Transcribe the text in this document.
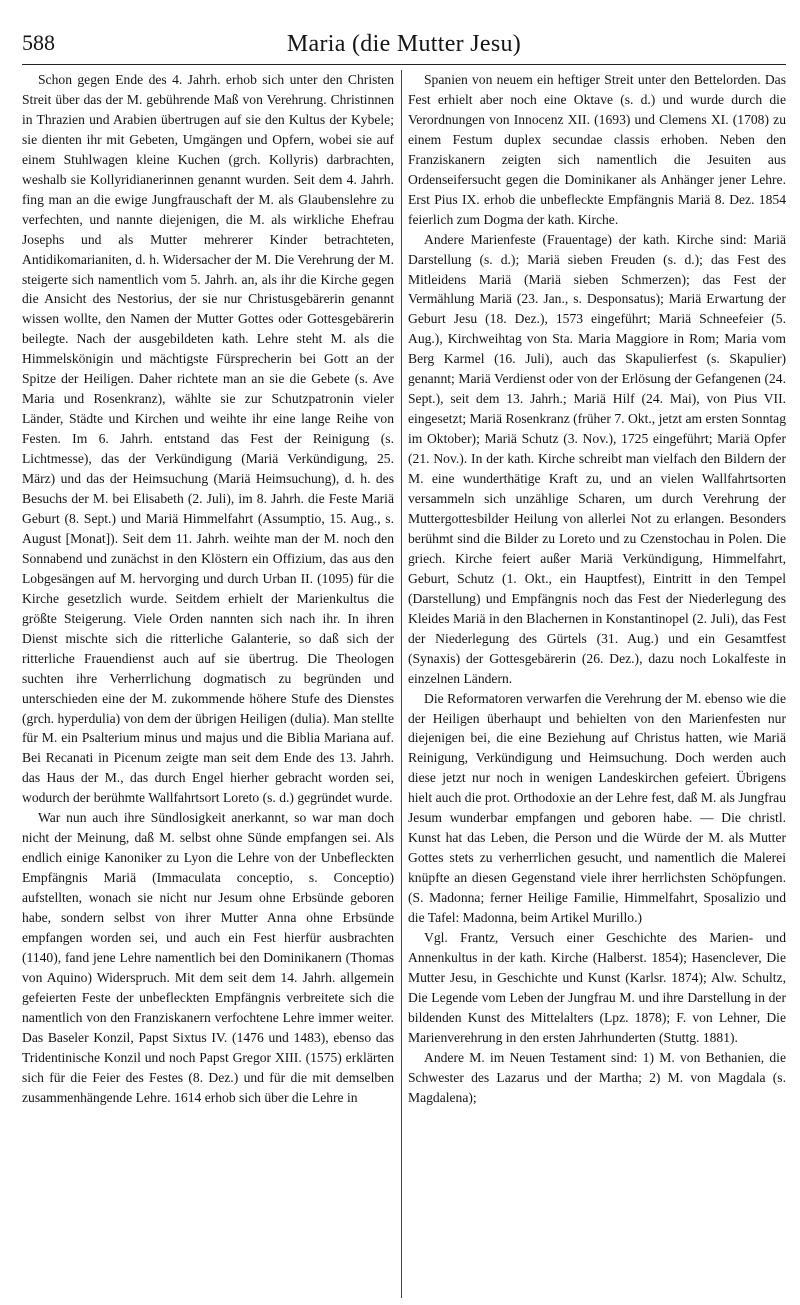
588	Maria (die Mutter Jesu)

Schon gegen Ende des 4. Jahrh. erhob sich unter den Christen Streit über das der M. gebührende Maß von Verehrung. Christinnen in Thrazien und Arabien übertrugen auf sie den Kultus der Kybele; sie dienten ihr mit Gebeten, Umgängen und Opfern, wobei sie auf einem Stuhlwagen kleine Kuchen (grch. Kollyris) darbrachten, weshalb sie Kollyridianerinnen genannt wurden. Seit dem 4. Jahrh. fing man an die ewige Jungfrauschaft der M. als Glaubenslehre zu verfechten, und nannte diejenigen, die M. als wirkliche Ehefrau Josephs und als Mutter mehrerer Kinder betrachteten, Antidikomarianiten, d. h. Widersacher der M. Die Verehrung der M. steigerte sich namentlich vom 5. Jahrh. an, als ihr die Kirche gegen die Ansicht des Nestorius, der sie nur Christusgebärerin genannt wissen wollte, den Namen der Mutter Gottes oder Gottesgebärerin beilegte. Nach der ausgebildeten kath. Lehre steht M. als die Himmelskönigin und mächtigste Fürsprecherin bei Gott an der Spitze der Heiligen. Daher richtete man an sie die Gebete (s. Ave Maria und Rosenkranz), wählte sie zur Schutzpatronin vieler Länder, Städte und Kirchen und weihte ihr eine lange Reihe von Festen. Im 6. Jahrh. entstand das Fest der Reinigung (s. Lichtmesse), das der Verkündigung (Mariä Verkündigung, 25. März) und das der Heimsuchung (Mariä Heimsuchung), d. h. des Besuchs der M. bei Elisabeth (2. Juli), im 8. Jahrh. die Feste Mariä Geburt (8. Sept.) und Mariä Himmelfahrt (Assumptio, 15. Aug., s. August [Monat]). Seit dem 11. Jahrh. weihte man der M. noch den Sonnabend und zunächst in den Klöstern ein Offizium, das aus den Lobgesängen auf M. hervorging und durch Urban II. (1095) für die Kirche gesetzlich wurde. Seitdem erhielt der Marienkultus die größte Steigerung. Viele Orden nannten sich nach ihr. In ihren Dienst mischte sich die ritterliche Galanterie, so daß sich der ritterliche Frauendienst auch auf sie übertrug. Die Theologen suchten ihre Verherrlichung dogmatisch zu begründen und unterschieden eine der M. zukommende höhere Stufe des Dienstes (grch. hyperdulia) von dem der übrigen Heiligen (dulia). Man stellte für M. ein Psalterium minus und majus und die Biblia Mariana auf. Bei Recanati in Picenum zeigte man seit dem Ende des 13. Jahrh. das Haus der M., das durch Engel hierher gebracht worden sei, wodurch der berühmte Wallfahrtsort Loreto (s. d.) gegründet wurde.

War nun auch ihre Sündlosigkeit anerkannt, so war man doch nicht der Meinung, daß M. selbst ohne Sünde empfangen sei. Als endlich einige Kanoniker zu Lyon die Lehre von der Unbefleckten Empfängnis Mariä (Immaculata conceptio, s. Conceptio) aufstellten, wonach sie nicht nur Jesum ohne Erbsünde geboren habe, sondern selbst von ihrer Mutter Anna ohne Erbsünde empfangen worden sei, und auch ein Fest hierfür ausbrachten (1140), fand jene Lehre namentlich bei den Dominikanern (Thomas von Aquino) Widerspruch. Mit dem seit dem 14. Jahrh. allgemein gefeierten Feste der unbefleckten Empfängnis verbreitete sich die namentlich von den Franziskanern verfochtene Lehre immer weiter. Das Baseler Konzil, Papst Sixtus IV. (1476 und 1483), ebenso das Tridentinische Konzil und noch Papst Gregor XIII. (1575) erklärten sich für die Feier des Festes (8. Dez.) und für die mit demselben zusammenhängende Lehre. 1614 erhob sich über die Lehre in

Spanien von neuem ein heftiger Streit unter den Bettelorden. Das Fest erhielt aber noch eine Oktave (s. d.) und wurde durch die Verordnungen von Innocenz XII. (1693) und Clemens XI. (1708) zu einem Festum duplex secundae classis erhoben. Neben den Franziskanern zeigten sich namentlich die Jesuiten aus Ordenseifersucht gegen die Dominikaner als Anhänger jener Lehre. Erst Pius IX. erhob die unbefleckte Empfängnis Mariä 8. Dez. 1854 feierlich zum Dogma der kath. Kirche.

Andere Marienfeste (Frauentage) der kath. Kirche sind: Mariä Darstellung (s. d.); Mariä sieben Freuden (s. d.); das Fest des Mitleidens Mariä (Mariä sieben Schmerzen); das Fest der Vermählung Mariä (23. Jan., s. Desponsatus); Mariä Erwartung der Geburt Jesu (18. Dez.), 1573 eingeführt; Mariä Schneefeier (5. Aug.), Kirchweihtag von Sta. Maria Maggiore in Rom; Maria vom Berg Karmel (16. Juli), auch das Skapulierfest (s. Skapulier) genannt; Mariä Verdienst oder von der Erlösung der Gefangenen (24. Sept.), seit dem 13. Jahrh.; Mariä Hilf (24. Mai), von Pius VII. eingesetzt; Mariä Rosenkranz (früher 7. Okt., jetzt am ersten Sonntag im Oktober); Mariä Schutz (3. Nov.), 1725 eingeführt; Mariä Opfer (21. Nov.). In der kath. Kirche schreibt man vielfach den Bildern der M. eine wunderthätige Kraft zu, und an vielen Wallfahrtsorten versammeln sich unzählige Scharen, um durch Verehrung der Muttergottesbilder Heilung von allerlei Not zu erlangen. Besonders berühmt sind die Bilder zu Loreto und zu Czenstochau in Polen. Die griech. Kirche feiert außer Mariä Verkündigung, Himmelfahrt, Geburt, Schutz (1. Okt., ein Hauptfest), Eintritt in den Tempel (Darstellung) und Empfängnis noch das Fest der Niederlegung des Kleides Mariä in den Blachernen in Konstantinopel (2. Juli), das Fest der Niederlegung des Gürtels (31. Aug.) und ein Gesamtfest (Synaxis) der Gottesgebärerin (26. Dez.), dazu noch Lokalfeste in einzelnen Ländern.

Die Reformatoren verwarfen die Verehrung der M. ebenso wie die der Heiligen überhaupt und behielten von den Marienfesten nur diejenigen bei, die eine Beziehung auf Christus hatten, wie Mariä Reinigung, Verkündigung und Heimsuchung. Doch werden auch diese jetzt nur noch in wenigen Landeskirchen gefeiert. Übrigens hielt auch die prot. Orthodoxie an der Lehre fest, daß M. als Jungfrau Jesum wunderbar empfangen und geboren habe. — Die christl. Kunst hat das Leben, die Person und die Würde der M. als Mutter Gottes stets zu verherrlichen gesucht, und namentlich die Malerei knüpfte an diesen Gegenstand viele ihrer herrlichsten Schöpfungen. (S. Madonna; ferner Heilige Familie, Himmelfahrt, Sposalizio und die Tafel: Madonna, beim Artikel Murillo.)

Vgl. Frantz, Versuch einer Geschichte des Marien- und Annenkultus in der kath. Kirche (Halberst. 1854); Hasenclever, Die Mutter Jesu, in Geschichte und Kunst (Karlsr. 1874); Alw. Schultz, Die Legende vom Leben der Jungfrau M. und ihre Darstellung in der bildenden Kunst des Mittelalters (Lpz. 1878); F. von Lehner, Die Marienverehrung in den ersten Jahrhunderten (Stuttg. 1881).

Andere M. im Neuen Testament sind: 1) M. von Bethanien, die Schwester des Lazarus und der Martha; 2) M. von Magdala (s. Magdalena);
